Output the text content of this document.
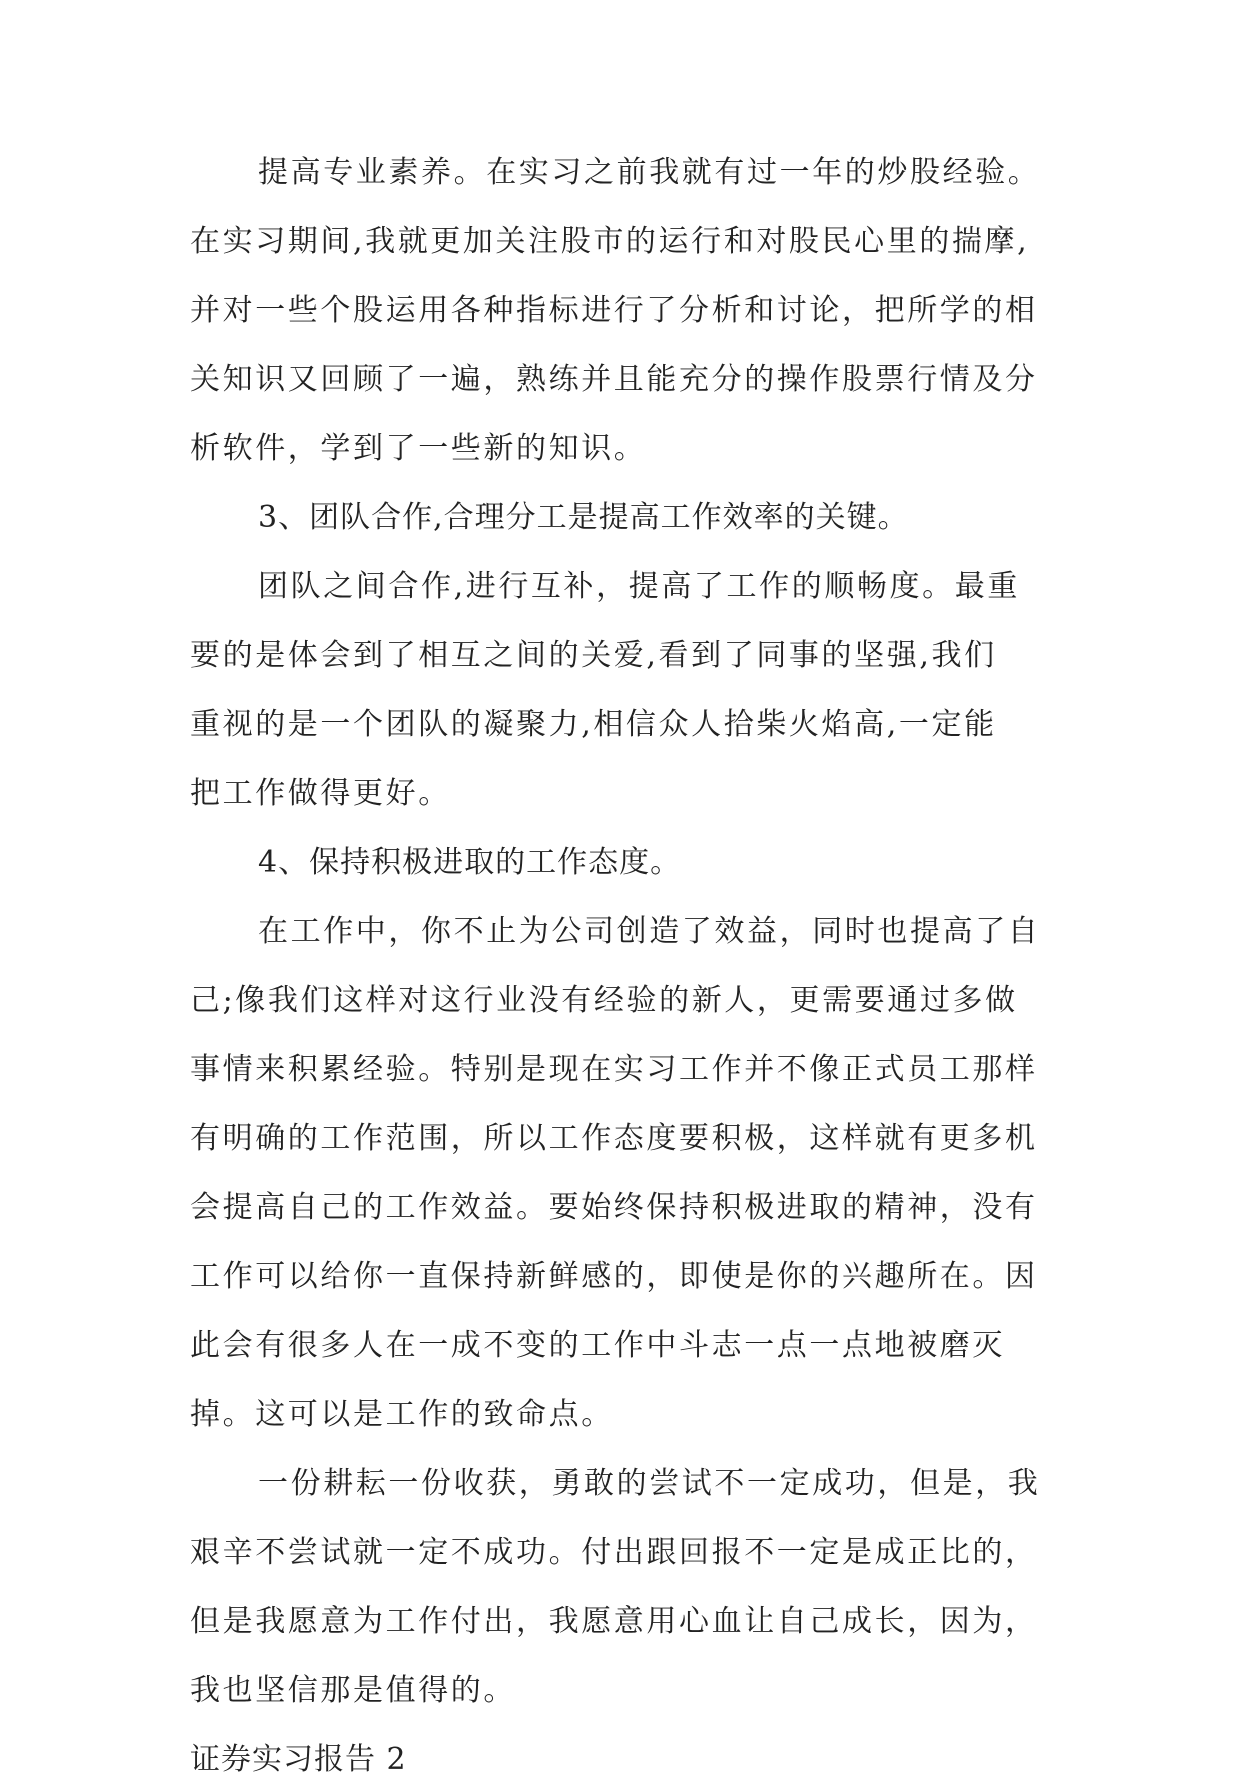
提高专业素养。在实习之前我就有过一年的炒股经验。
在实习期间,我就更加关注股市的运行和对股民心里的揣摩,
并对一些个股运用各种指标进行了分析和讨论，把所学的相
关知识又回顾了一遍，熟练并且能充分的操作股票行情及分
析软件，学到了一些新的知识。
3、团队合作,合理分工是提高工作效率的关键。
团队之间合作,进行互补，提高了工作的顺畅度。最重
要的是体会到了相互之间的关爱,看到了同事的坚强,我们
重视的是一个团队的凝聚力,相信众人拾柴火焰高,一定能
把工作做得更好。
4、保持积极进取的工作态度。
在工作中，你不止为公司创造了效益，同时也提高了自
己;像我们这样对这行业没有经验的新人，更需要通过多做
事情来积累经验。特别是现在实习工作并不像正式员工那样
有明确的工作范围，所以工作态度要积极，这样就有更多机
会提高自己的工作效益。要始终保持积极进取的精神，没有
工作可以给你一直保持新鲜感的，即使是你的兴趣所在。因
此会有很多人在一成不变的工作中斗志一点一点地被磨灭
掉。这可以是工作的致命点。
一份耕耘一份收获，勇敢的尝试不一定成功，但是，我
艰辛不尝试就一定不成功。付出跟回报不一定是成正比的，
但是我愿意为工作付出，我愿意用心血让自己成长，因为，
我也坚信那是值得的。
证券实习报告 2
